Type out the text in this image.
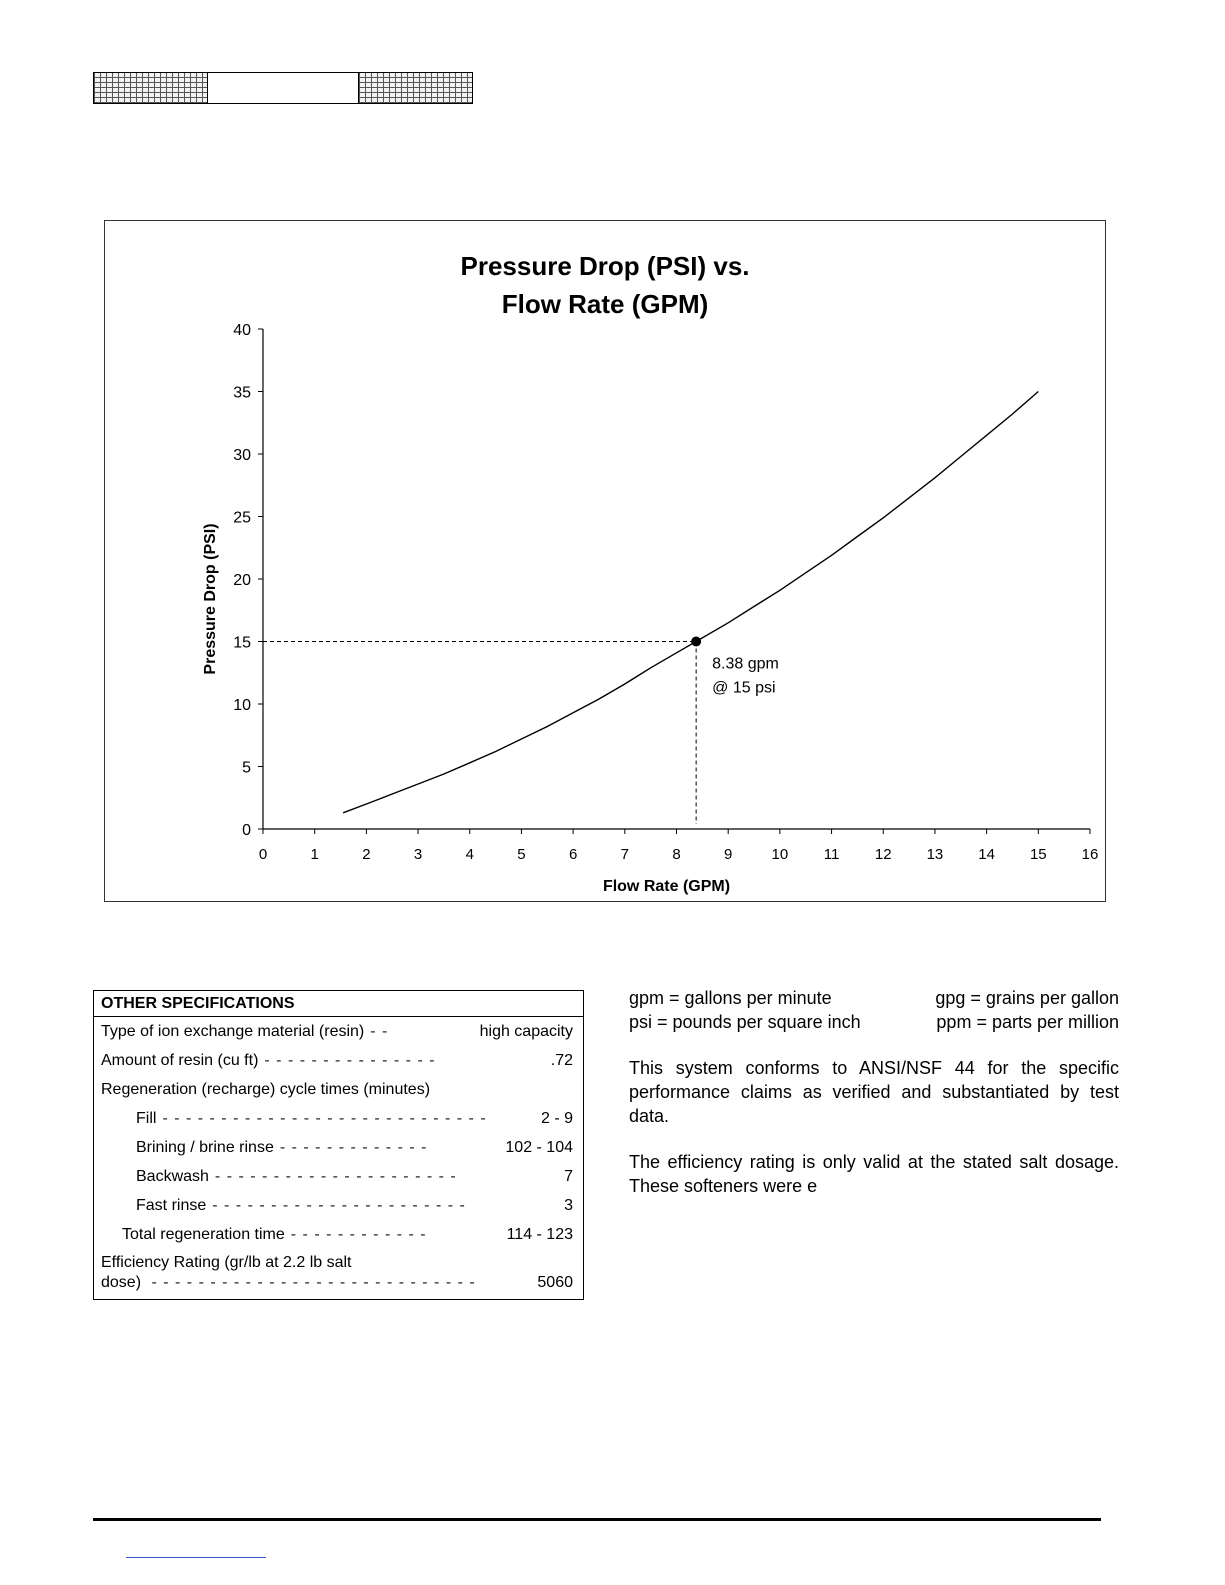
Pressure Drop (PSI) vs.
Flow Rate (GPM)
0	1	2	3	4	5	6	7	8	9	10 11 12 13 14 15 16
0
5
10
15
20
25
30
35
40
Flow Rate (GPM)
Pressure Drop (PSI)	8.38 gpm
@ 15 psi
OTHER SPECIFICATIONS
Type of ion exchange material (resin) - -	high capacity
Amount of resin (cu ft) - - - - - - - - - - - - - - -	.72
Regeneration (recharge) cycle times (minutes)
Fill - - - - - - - - - - - - - - - - - - - - - - - - - - - -	2 - 9
Brining / brine rinse - - - - - - - - - - - - -	102 - 104
Backwash - - - - - - - - - - - - - - - - - - - - -	7
Fast rinse - - - - - - - - - - - - - - - - - - - - - -	3
Total regeneration time - - - - - - - - - - - -	114 - 123
Efficiency Rating (gr/lb at 2.2 lb salt
dose) - - - - - - - - - - - - - - - - - - - - - - - - - - - -	5060
gpm = gallons per minute	gpg = grains per gallon
psi = pounds per square inch	ppm = parts per million

This system conforms to ANSI/NSF 44 for the specific performance claims as verified and substantiated by test data.

The efficiency rating is only valid at the stated salt dosage. These softeners were e
